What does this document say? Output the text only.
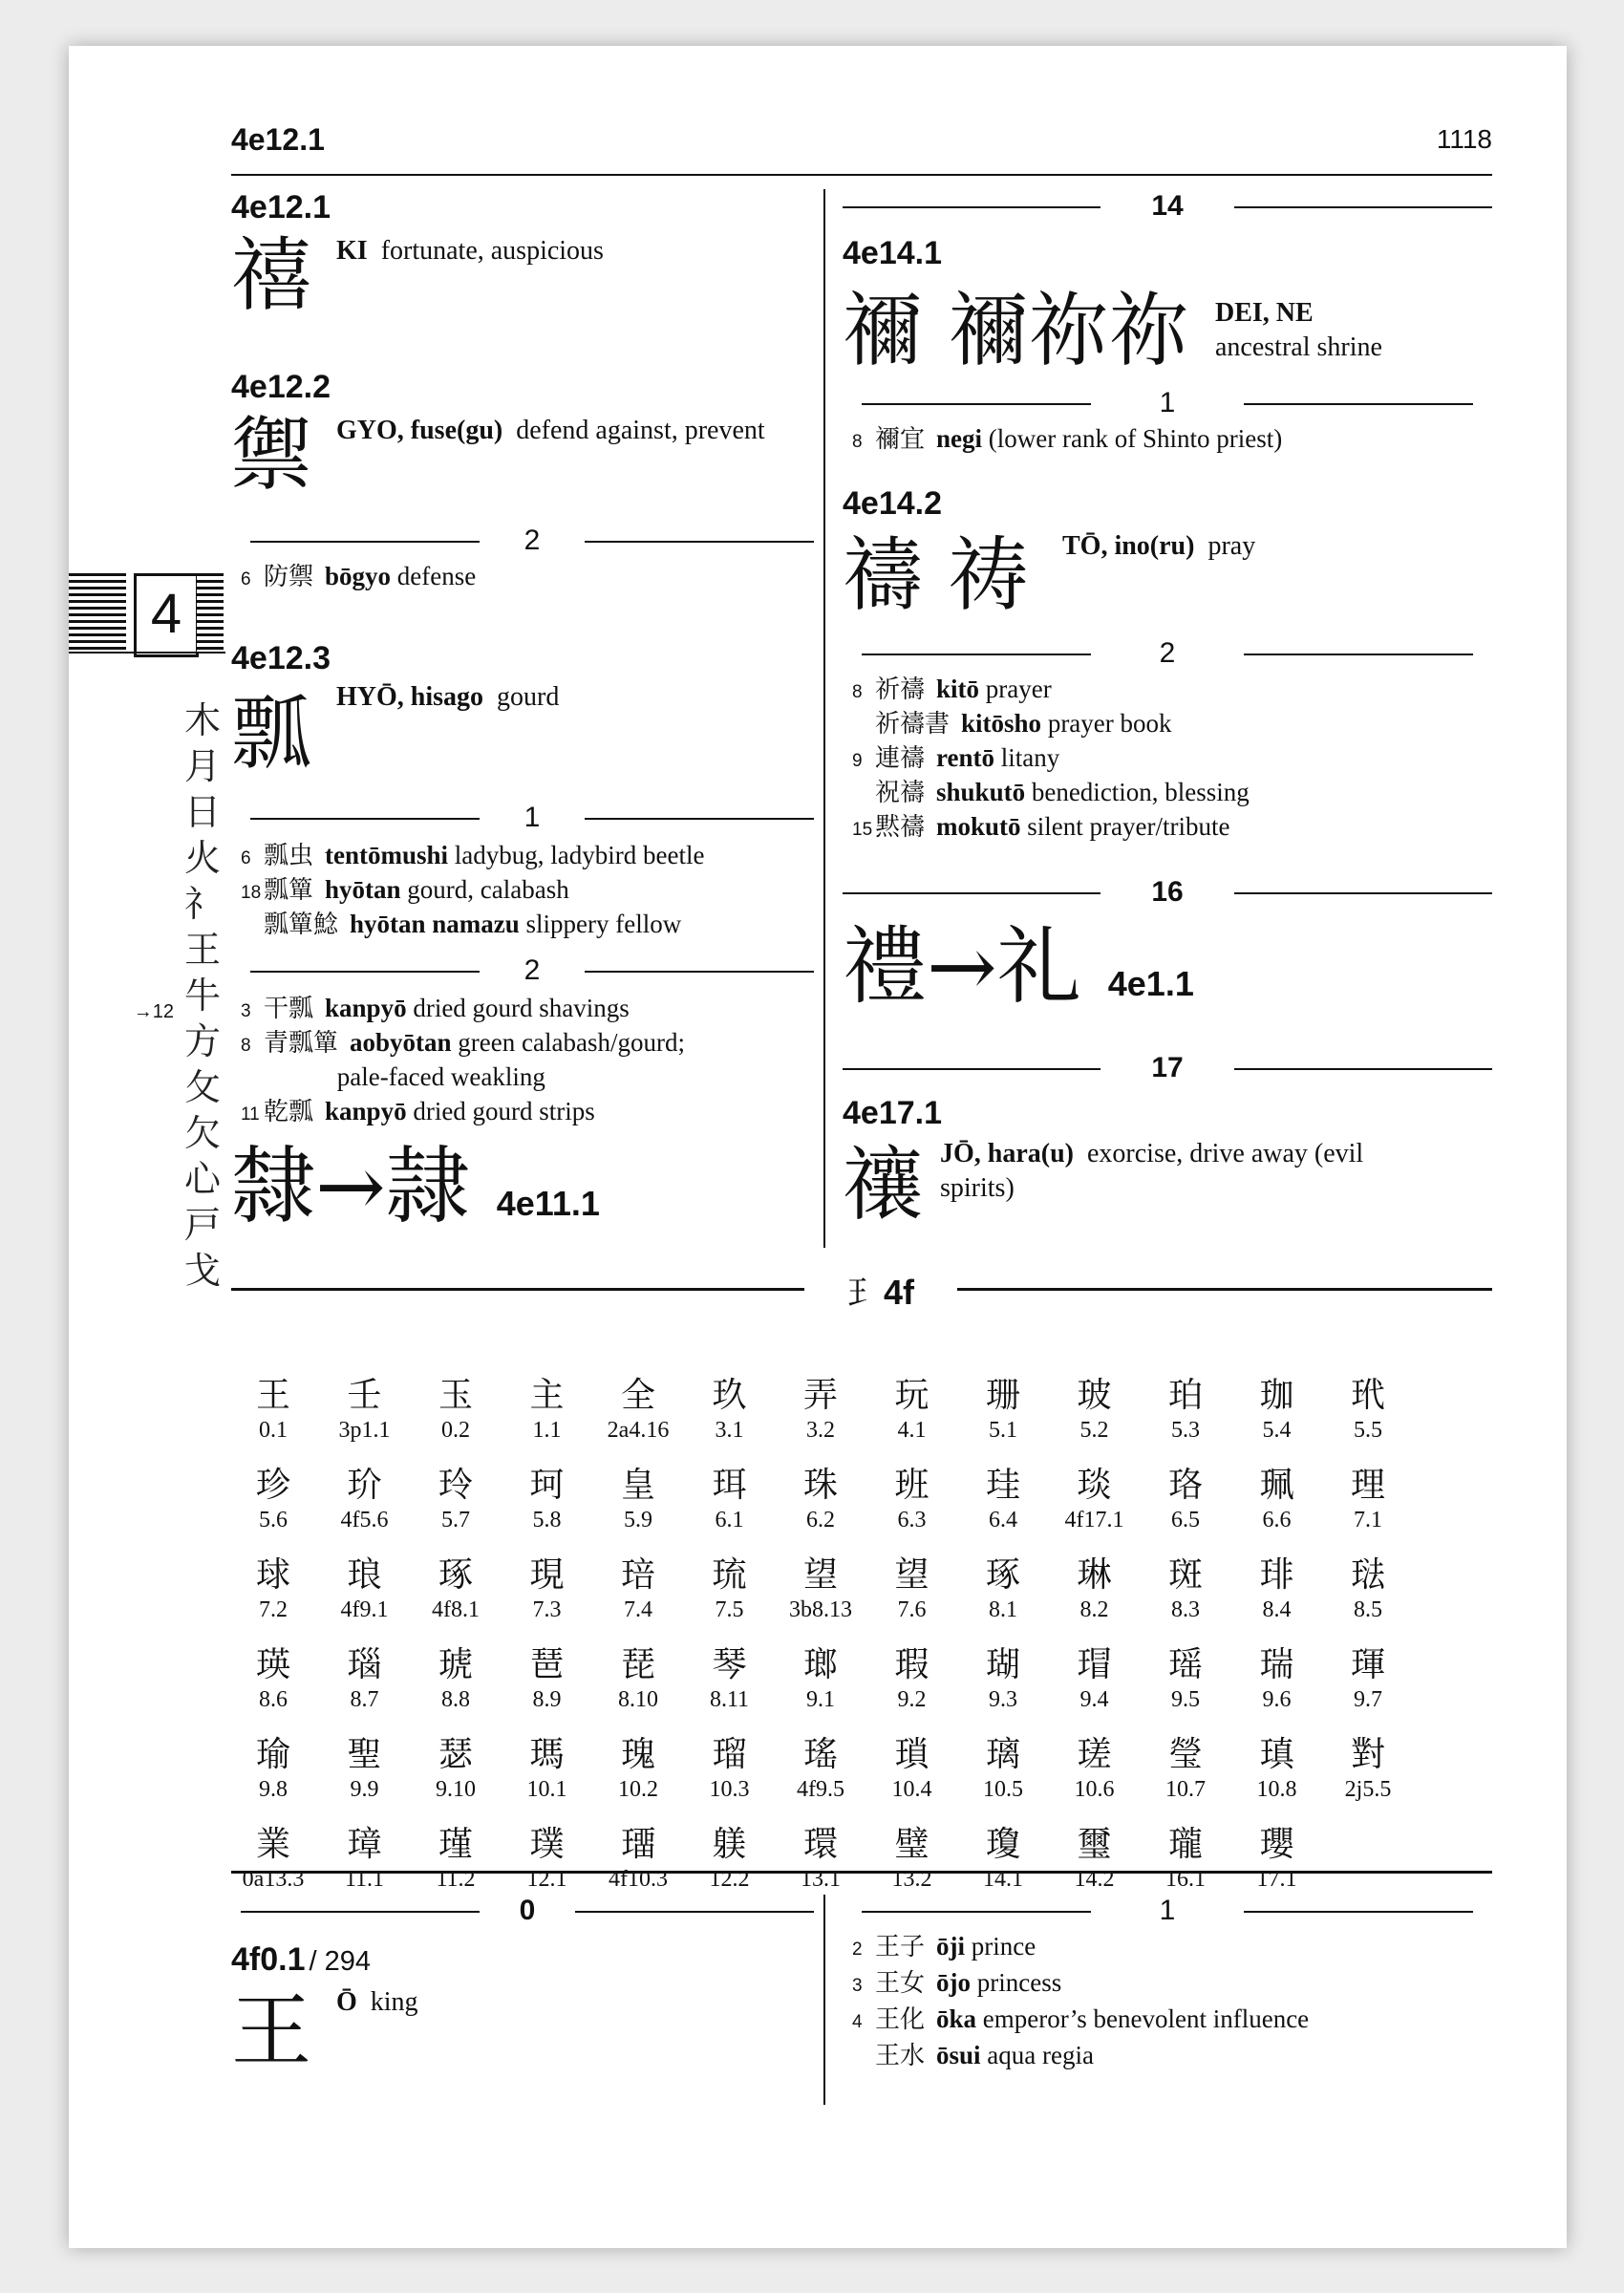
4e12.1	1118
4
木
月
日
火
礻
王
牛
方
攵
欠
心
戸
戈
→12
4e12.1
禧 KI fortunate, auspicious
4e12.2
禦 GYO, fuse(gu) defend against, prevent
2
6 防禦 bōgyo defense
4e12.3
瓢 HYŌ, hisago gourd
1
6 瓢虫 tentōmushi ladybug, ladybird beetle
18 瓢簞 hyōtan gourd, calabash
瓢簞鯰 hyōtan namazu slippery fellow
2
3 干瓢 kanpyō dried gourd shavings
8 青瓢簞 aobyōtan green calabash/gourd;
pale-faced weakling
11 乾瓢 kanpyō dried gourd strips
隸→隷 4e11.1
14
4e14.1
禰 禰祢祢 DEI, NE
ancestral shrine
1
8 禰宜 negi (lower rank of Shinto priest)
4e14.2
禱 祷 TŌ, ino(ru) pray
2
8 祈禱 kitō prayer
祈禱書 kitōsho prayer book
9 連禱 rentō litany
祝禱 shukutō benediction, blessing
15 黙禱 mokutō silent prayer/tribute
16
禮→礼 4e1.1
17
4e17.1
禳 JŌ, hara(u) exorcise, drive away (evil
spirits)
⺩ 4f
王
0.1
壬
3p1.1
玉
0.2
主
1.1
全
2a4.16
玖
3.1
弄
3.2
玩
4.1
珊
5.1
玻
5.2
珀
5.3
珈
5.4
玳
5.5
珍
5.6
玠
4f5.6
玲
5.7
珂
5.8
皇
5.9
珥
6.1
珠
6.2
班
6.3
珪
6.4
琰
4f17.1
珞
6.5
珮
6.6
理
7.1
球
7.2
琅
4f9.1
琢
4f8.1
現
7.3
琣
7.4
琉
7.5
望
3b8.13
望
7.6
琢
8.1
琳
8.2
斑
8.3
琲
8.4
琺
8.5
瑛
8.6
瑙
8.7
琥
8.8
琶
8.9
琵
8.10
琴
8.11
瑯
9.1
瑕
9.2
瑚
9.3
瑁
9.4
瑶
9.5
瑞
9.6
琿
9.7
瑜
9.8
聖
9.9
瑟
9.10
瑪
10.1
瑰
10.2
瑠
10.3
瑤
4f9.5
瑣
10.4
璃
10.5
瑳
10.6
瑩
10.7
瑱
10.8
對
2j5.5
業
0a13.3
璋
11.1
瑾
11.2
璞
12.1
璢
4f10.3
躾
12.2
環
13.1
璧
13.2
瓊
14.1
璽
14.2
瓏
16.1
瓔
17.1
0
4f0.1 / 294
王 Ō king
1
2 王子 ōji prince
3 王女 ōjo princess
4 王化 ōka emperor’s benevolent influence
王水 ōsui aqua regia
